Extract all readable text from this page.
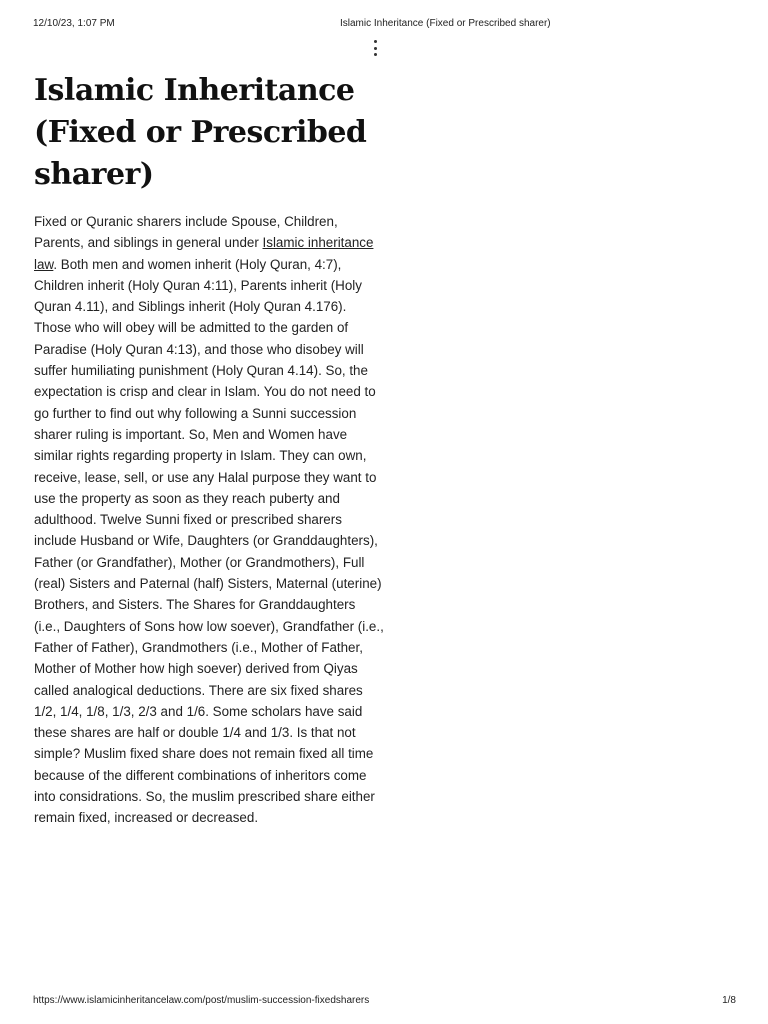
12/10/23, 1:07 PM	Islamic Inheritance (Fixed or Prescribed sharer)
Islamic Inheritance (Fixed or Prescribed sharer)

Fixed or Quranic sharers include Spouse, Children, Parents, and siblings in general under Islamic inheritance law. Both men and women inherit (Holy Quran, 4:7), Children inherit (Holy Quran 4:11), Parents inherit (Holy Quran 4.11), and Siblings inherit (Holy Quran 4.176). Those who will obey will be admitted to the garden of Paradise (Holy Quran 4:13), and those who disobey will suffer humiliating punishment (Holy Quran 4.14). So, the expectation is crisp and clear in Islam. You do not need to go further to find out why following a Sunni succession sharer ruling is important. So, Men and Women have similar rights regarding property in Islam. They can own, receive, lease, sell, or use any Halal purpose they want to use the property as soon as they reach puberty and adulthood. Twelve Sunni fixed or prescribed sharers include Husband or Wife, Daughters (or Granddaughters), Father (or Grandfather), Mother (or Grandmothers), Full (real) Sisters and Paternal (half) Sisters, Maternal (uterine) Brothers, and Sisters. The Shares for Granddaughters (i.e., Daughters of Sons how low soever), Grandfather (i.e., Father of Father), Grandmothers (i.e., Mother of Father, Mother of Mother how high soever) derived from Qiyas called analogical deductions. There are six fixed shares 1/2, 1/4, 1/8, 1/3, 2/3 and 1/6. Some scholars have said these shares are half or double 1/4 and 1/3. Is that not simple? Muslim fixed share does not remain fixed all time because of the different combinations of inheritors come into considrations. So, the muslim prescribed share either remain fixed, increased or decreased.

https://www.islamicinheritancelaw.com/post/muslim-succession-fixedsharers	1/8
